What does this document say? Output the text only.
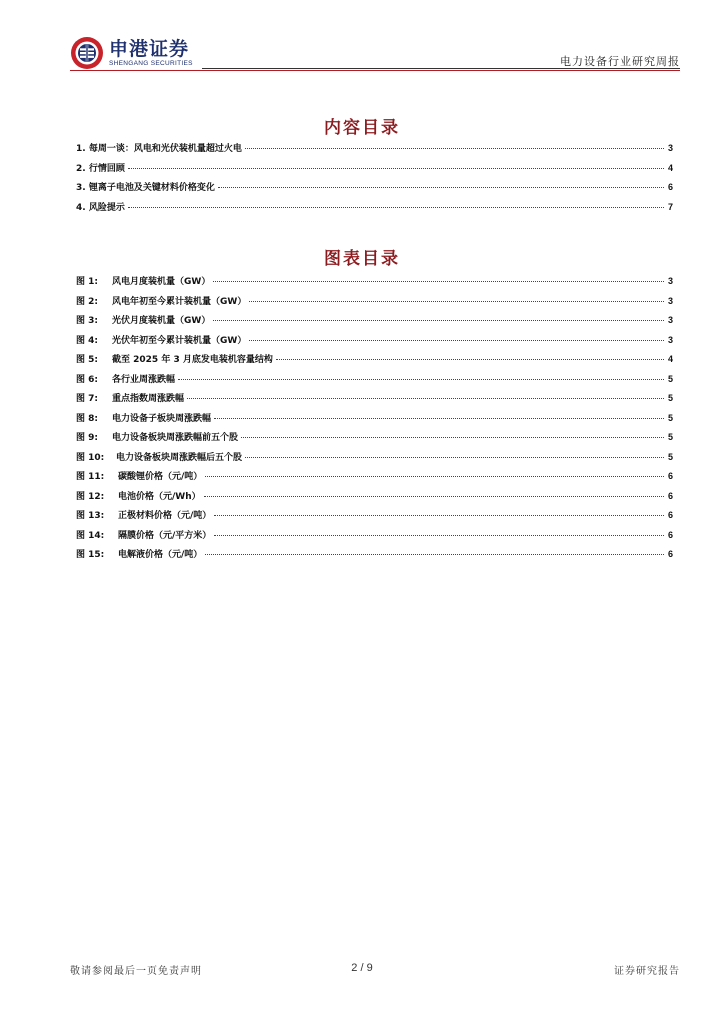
申港证券
SHENGANG SECURITIES	电力设备行业研究周报
内容目录
1. 每周一谈：风电和光伏装机量超过火电	3
2. 行情回顾	4
3. 锂离子电池及关键材料价格变化	6
4. 风险提示	7
图表目录
图 1: 风电月度装机量（GW）	3
图 2: 风电年初至今累计装机量（GW）	3
图 3: 光伏月度装机量（GW）	3
图 4: 光伏年初至今累计装机量（GW）	3
图 5: 截至 2025 年 3 月底发电装机容量结构	4
图 6: 各行业周涨跌幅	5
图 7: 重点指数周涨跌幅	5
图 8: 电力设备子板块周涨跌幅	5
图 9: 电力设备板块周涨跌幅前五个股	5
图 10: 电力设备板块周涨跌幅后五个股	5
图 11: 碳酸锂价格（元/吨）	6
图 12: 电池价格（元/Wh）	6
图 13: 正极材料价格（元/吨）	6
图 14: 隔膜价格（元/平方米）	6
图 15: 电解液价格（元/吨）	6
敬请参阅最后一页免责声明	2 / 9	证券研究报告
